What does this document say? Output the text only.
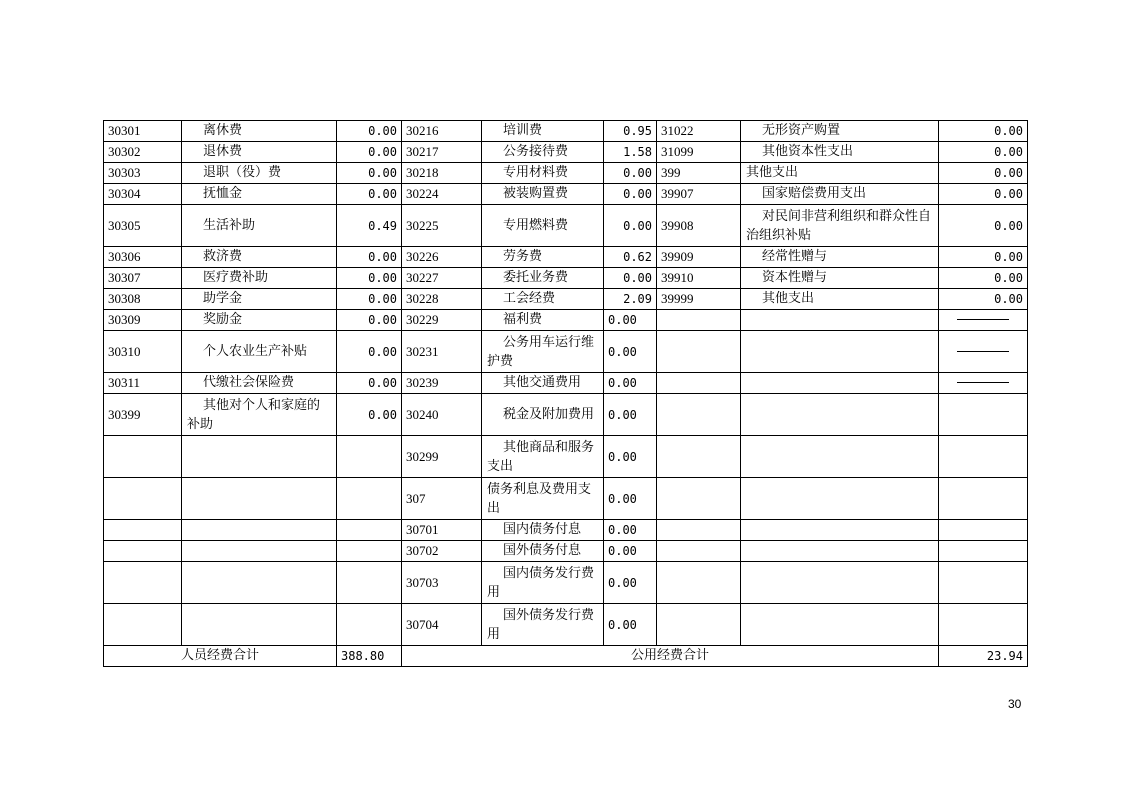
30301	离休费	0.00	30216	培训费	0.95	31022	无形资产购置	0.00
30302	退休费	0.00	30217	公务接待费	1.58	31099	其他资本性支出	0.00
30303	退职（役）费	0.00	30218	专用材料费	0.00	399	其他支出	0.00
30304	抚恤金	0.00	30224	被装购置费	0.00	39907	国家赔偿费用支出	0.00
30305	生活补助	0.49	30225	专用燃料费	0.00	39908	对民间非营利组织和群众性自治组织补贴	0.00
30306	救济费	0.00	30226	劳务费	0.62	39909	经常性赠与	0.00
30307	医疗费补助	0.00	30227	委托业务费	0.00	39910	资本性赠与	0.00
30308	助学金	0.00	30228	工会经费	2.09	39999	其他支出	0.00
30309	奖励金	0.00	30229	福利费	0.00			
30310	个人农业生产补贴	0.00	30231	公务用车运行维护费	0.00			
30311	代缴社会保险费	0.00	30239	其他交通费用	0.00			
30399	其他对个人和家庭的补助	0.00	30240	税金及附加费用	0.00			
			30299	其他商品和服务支出	0.00			
			307	债务利息及费用支出	0.00			
			30701	国内债务付息	0.00			
			30702	国外债务付息	0.00			
			30703	国内债务发行费用	0.00			
			30704	国外债务发行费用	0.00			
人员经费合计		388.80	公用经费合计					23.94
30
